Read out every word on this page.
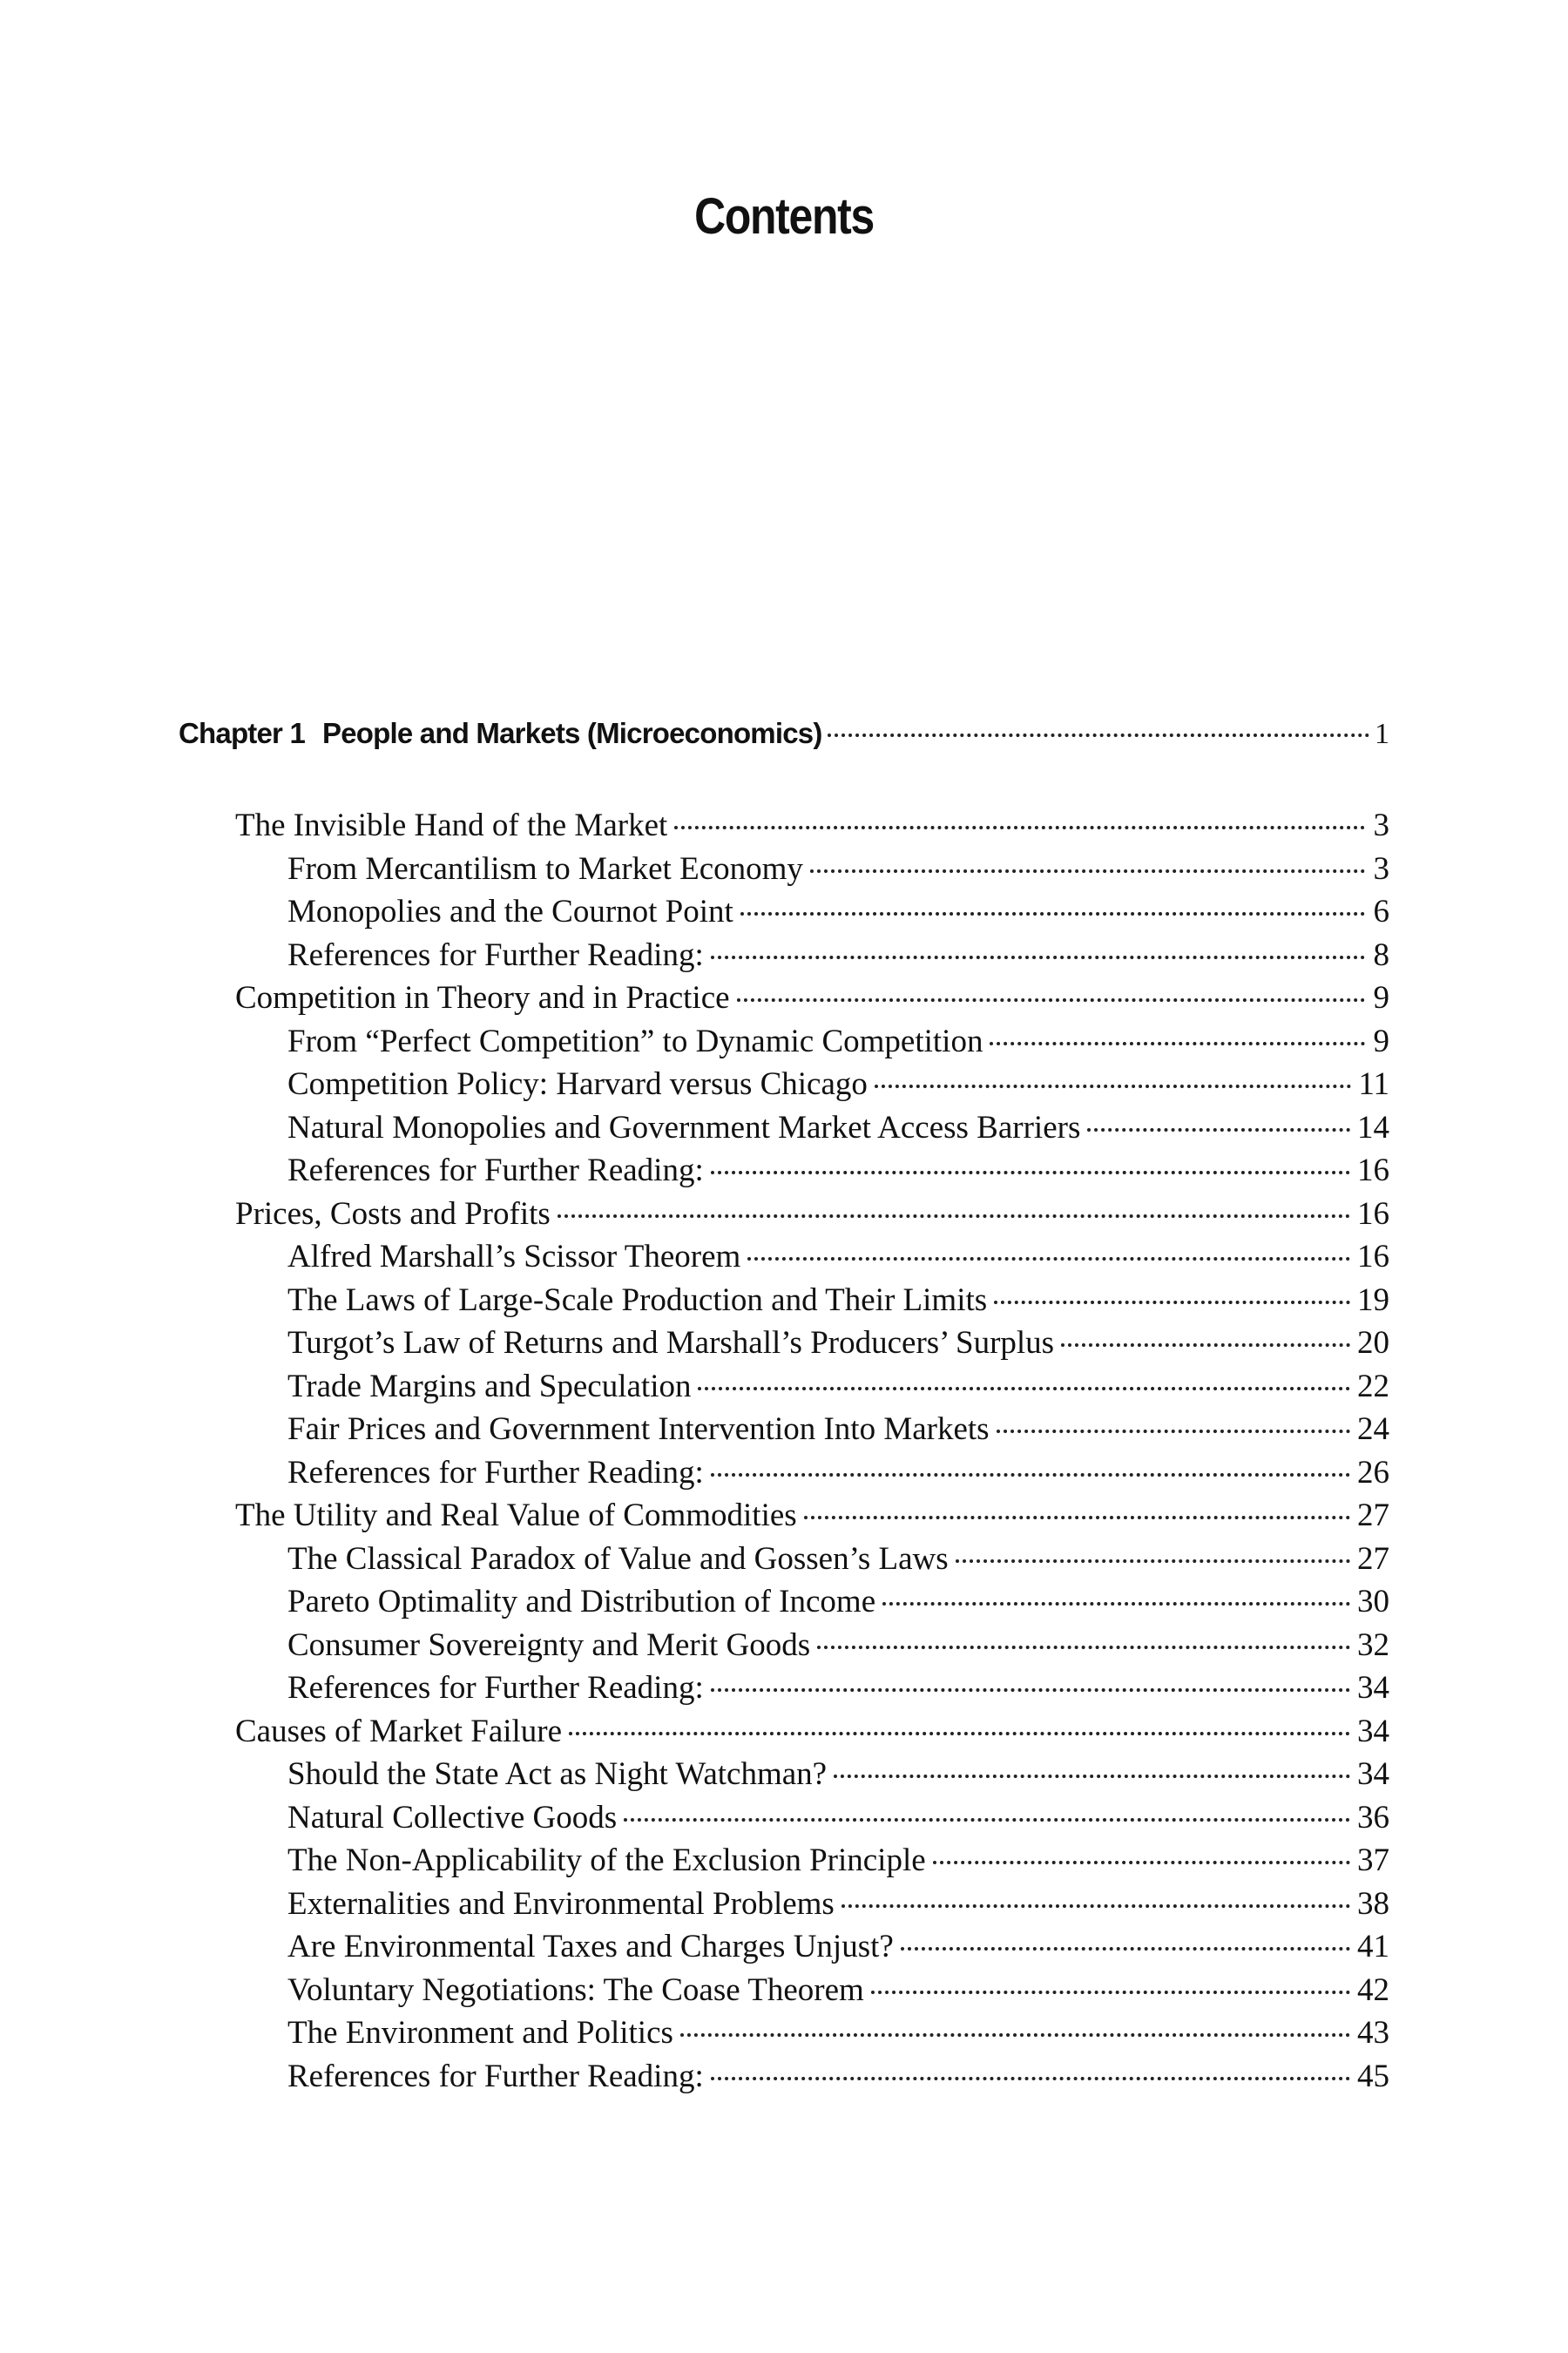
Contents
Chapter 1 People and Markets (Microeconomics)	1
The Invisible Hand of the Market	3
From Mercantilism to Market Economy	3
Monopolies and the Cournot Point	6
References for Further Reading:	8
Competition in Theory and in Practice	9
From “Perfect Competition” to Dynamic Competition	9
Competition Policy: Harvard versus Chicago	11
Natural Monopolies and Government Market Access Barriers	14
References for Further Reading:	16
Prices, Costs and Profits	16
Alfred Marshall’s Scissor Theorem	16
The Laws of Large-Scale Production and Their Limits	19
Turgot’s Law of Returns and Marshall’s Producers’ Surplus	20
Trade Margins and Speculation	22
Fair Prices and Government Intervention Into Markets	24
References for Further Reading:	26
The Utility and Real Value of Commodities	27
The Classical Paradox of Value and Gossen’s Laws	27
Pareto Optimality and Distribution of Income	30
Consumer Sovereignty and Merit Goods	32
References for Further Reading:	34
Causes of Market Failure	34
Should the State Act as Night Watchman?	34
Natural Collective Goods	36
The Non-Applicability of the Exclusion Principle	37
Externalities and Environmental Problems	38
Are Environmental Taxes and Charges Unjust?	41
Voluntary Negotiations: The Coase Theorem	42
The Environment and Politics	43
References for Further Reading:	45
